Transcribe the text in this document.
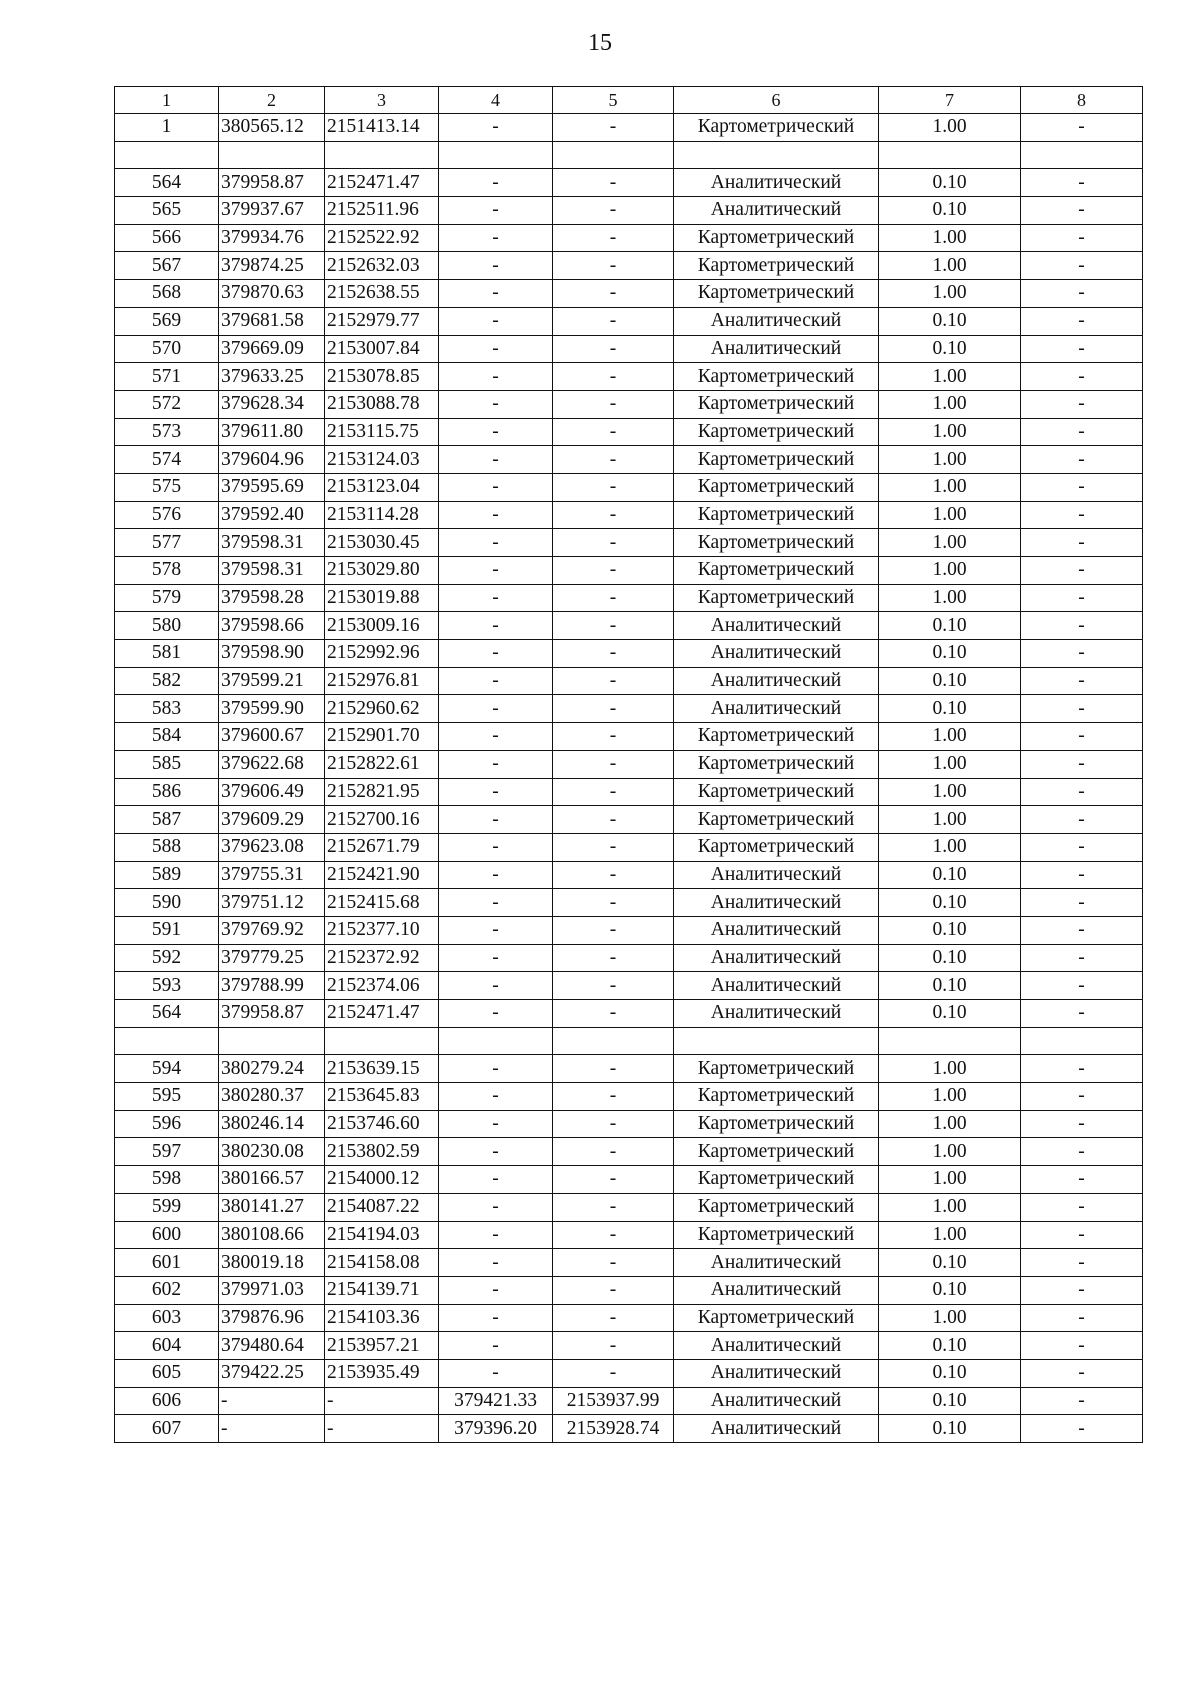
15
1	2	3	4	5	6	7	8
1	380565.12	2151413.14	-	-	Картометрический	1.00	-

564	379958.87	2152471.47	-	-	Аналитический	0.10	-
565	379937.67	2152511.96	-	-	Аналитический	0.10	-
566	379934.76	2152522.92	-	-	Картометрический	1.00	-
567	379874.25	2152632.03	-	-	Картометрический	1.00	-
568	379870.63	2152638.55	-	-	Картометрический	1.00	-
569	379681.58	2152979.77	-	-	Аналитический	0.10	-
570	379669.09	2153007.84	-	-	Аналитический	0.10	-
571	379633.25	2153078.85	-	-	Картометрический	1.00	-
572	379628.34	2153088.78	-	-	Картометрический	1.00	-
573	379611.80	2153115.75	-	-	Картометрический	1.00	-
574	379604.96	2153124.03	-	-	Картометрический	1.00	-
575	379595.69	2153123.04	-	-	Картометрический	1.00	-
576	379592.40	2153114.28	-	-	Картометрический	1.00	-
577	379598.31	2153030.45	-	-	Картометрический	1.00	-
578	379598.31	2153029.80	-	-	Картометрический	1.00	-
579	379598.28	2153019.88	-	-	Картометрический	1.00	-
580	379598.66	2153009.16	-	-	Аналитический	0.10	-
581	379598.90	2152992.96	-	-	Аналитический	0.10	-
582	379599.21	2152976.81	-	-	Аналитический	0.10	-
583	379599.90	2152960.62	-	-	Аналитический	0.10	-
584	379600.67	2152901.70	-	-	Картометрический	1.00	-
585	379622.68	2152822.61	-	-	Картометрический	1.00	-
586	379606.49	2152821.95	-	-	Картометрический	1.00	-
587	379609.29	2152700.16	-	-	Картометрический	1.00	-
588	379623.08	2152671.79	-	-	Картометрический	1.00	-
589	379755.31	2152421.90	-	-	Аналитический	0.10	-
590	379751.12	2152415.68	-	-	Аналитический	0.10	-
591	379769.92	2152377.10	-	-	Аналитический	0.10	-
592	379779.25	2152372.92	-	-	Аналитический	0.10	-
593	379788.99	2152374.06	-	-	Аналитический	0.10	-
564	379958.87	2152471.47	-	-	Аналитический	0.10	-

594	380279.24	2153639.15	-	-	Картометрический	1.00	-
595	380280.37	2153645.83	-	-	Картометрический	1.00	-
596	380246.14	2153746.60	-	-	Картометрический	1.00	-
597	380230.08	2153802.59	-	-	Картометрический	1.00	-
598	380166.57	2154000.12	-	-	Картометрический	1.00	-
599	380141.27	2154087.22	-	-	Картометрический	1.00	-
600	380108.66	2154194.03	-	-	Картометрический	1.00	-
601	380019.18	2154158.08	-	-	Аналитический	0.10	-
602	379971.03	2154139.71	-	-	Аналитический	0.10	-
603	379876.96	2154103.36	-	-	Картометрический	1.00	-
604	379480.64	2153957.21	-	-	Аналитический	0.10	-
605	379422.25	2153935.49	-	-	Аналитический	0.10	-
606	-	-	379421.33	2153937.99	Аналитический	0.10	-
607	-	-	379396.20	2153928.74	Аналитический	0.10	-
